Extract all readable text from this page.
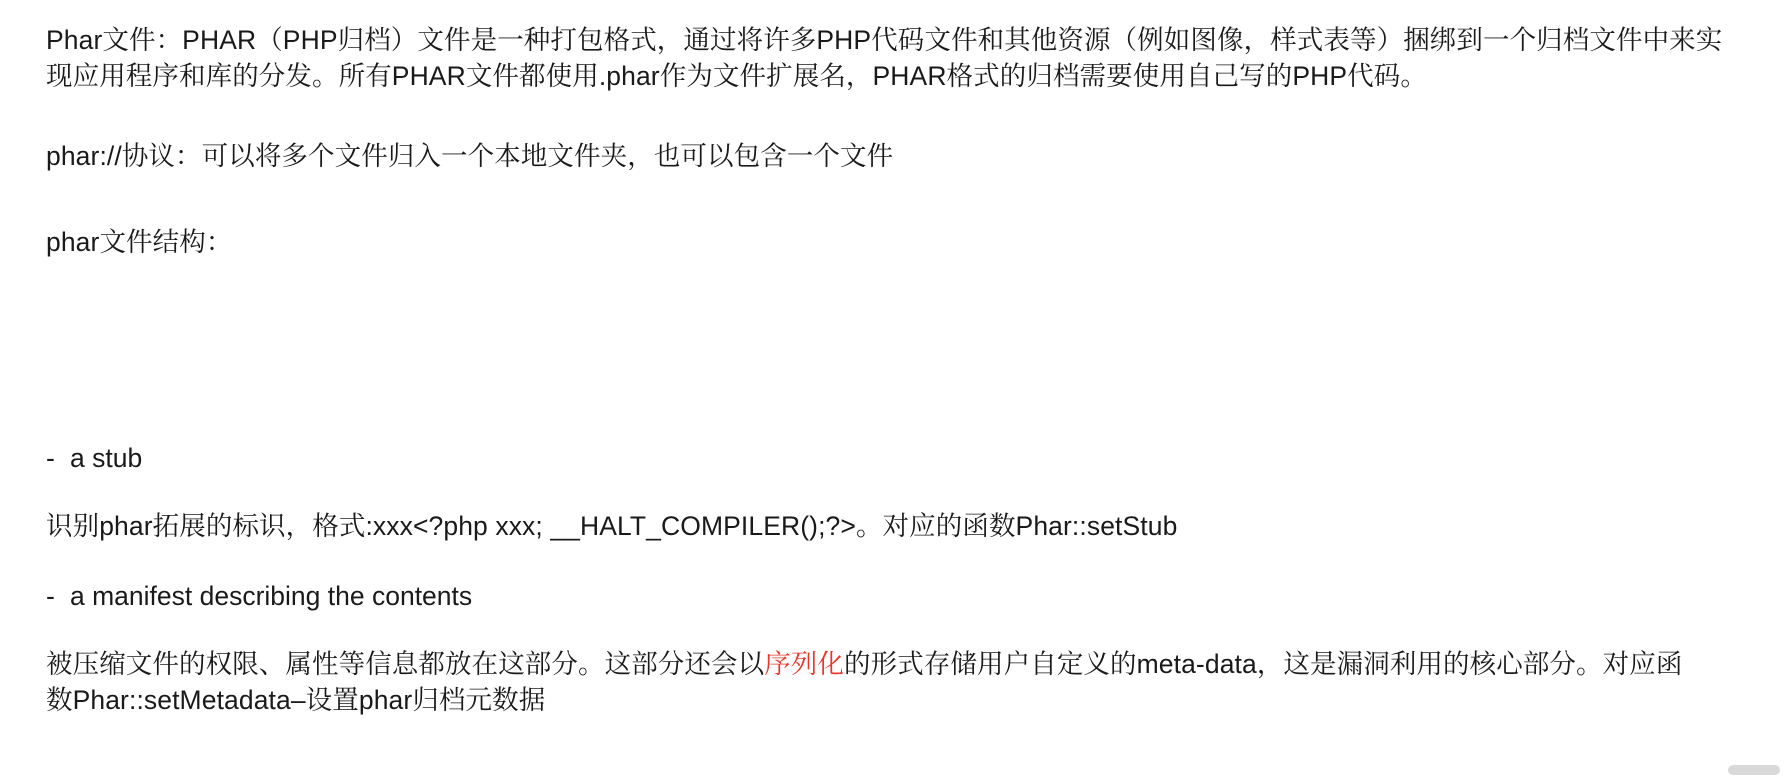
Phar文件：PHAR（PHP归档）文件是一种打包格式，通过将许多PHP代码文件和其他资源（例如图像，样式表等）捆绑到一个归档文件中来实现应用程序和库的分发。所有PHAR文件都使用.phar作为文件扩展名，PHAR格式的归档需要使用自己写的PHP代码。

phar://协议：可以将多个文件归入一个本地文件夹，也可以包含一个文件

phar文件结构：

- a stub

识别phar拓展的标识，格式:xxx<?php xxx; __HALT_COMPILER();?>。对应的函数Phar::setStub

- a manifest describing the contents

被压缩文件的权限、属性等信息都放在这部分。这部分还会以序列化的形式存储用户自定义的meta-data，这是漏洞利用的核心部分。对应函数Phar::setMetadata–设置phar归档元数据
